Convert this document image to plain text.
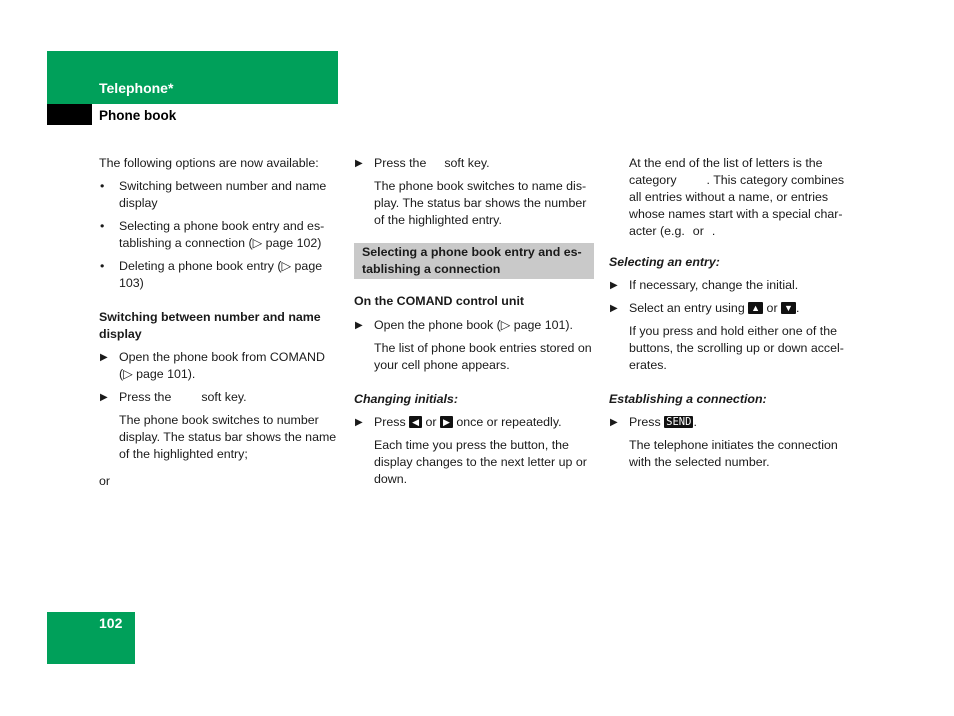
Telephone*
Phone book

The following options are now available:

• Switching between number and name display
• Selecting a phone book entry and es-tablishing a connection (▷ page 102)
• Deleting a phone book entry (▷ page 103)

Switching between number and name display

▶ Open the phone book from COMAND (▷ page 101).
▶ Press the soft key.

The phone book switches to number display. The status bar shows the name of the highlighted entry;

or

▶ Press the soft key.

The phone book switches to name dis-play. The status bar shows the number of the highlighted entry.

Selecting a phone book entry and es-tablishing a connection

On the COMAND control unit

▶ Open the phone book (▷ page 101).

The list of phone book entries stored on your cell phone appears.

Changing initials:

▶ Press ◀ or ▶ once or repeatedly.

Each time you press the button, the display changes to the next letter up or down.

At the end of the list of letters is the
category . This category combines all entries without a name, or entries whose names start with a special char-acter (e.g. or .

Selecting an entry:

▶ If necessary, change the initial.
▶ Select an entry using ▲ or ▼ .

If you press and hold either one of the buttons, the scrolling up or down accel-erates.

Establishing a connection:

▶ Press SEND .

The telephone initiates the connection with the selected number.

102
